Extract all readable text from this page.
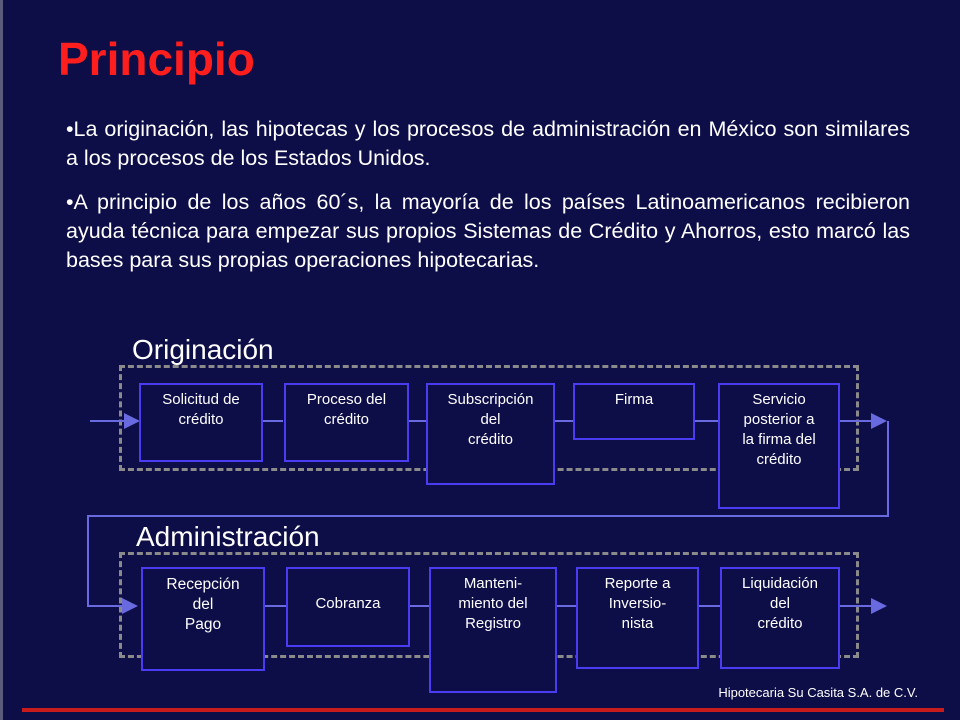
Principio
•La originación, las hipotecas y los procesos de administración en México son similares a los procesos de los Estados Unidos.
•A principio de los años 60´s, la mayoría de los países Latinoamericanos recibieron ayuda técnica para empezar sus propios Sistemas de Crédito y Ahorros, esto marcó las bases para sus propias operaciones hipotecarias.
Originación
Administración
Solicitud de
crédito
Proceso del
crédito
Subscripción
del
crédito
Firma	Servicio
posterior a
la firma del
crédito
Recepción
del
Pago
Cobranza
Manteni-
miento del
Registro
Reporte a
Inversio-
nista
Liquidación
del
crédito
Hipotecaria Su Casita S.A. de C.V.
